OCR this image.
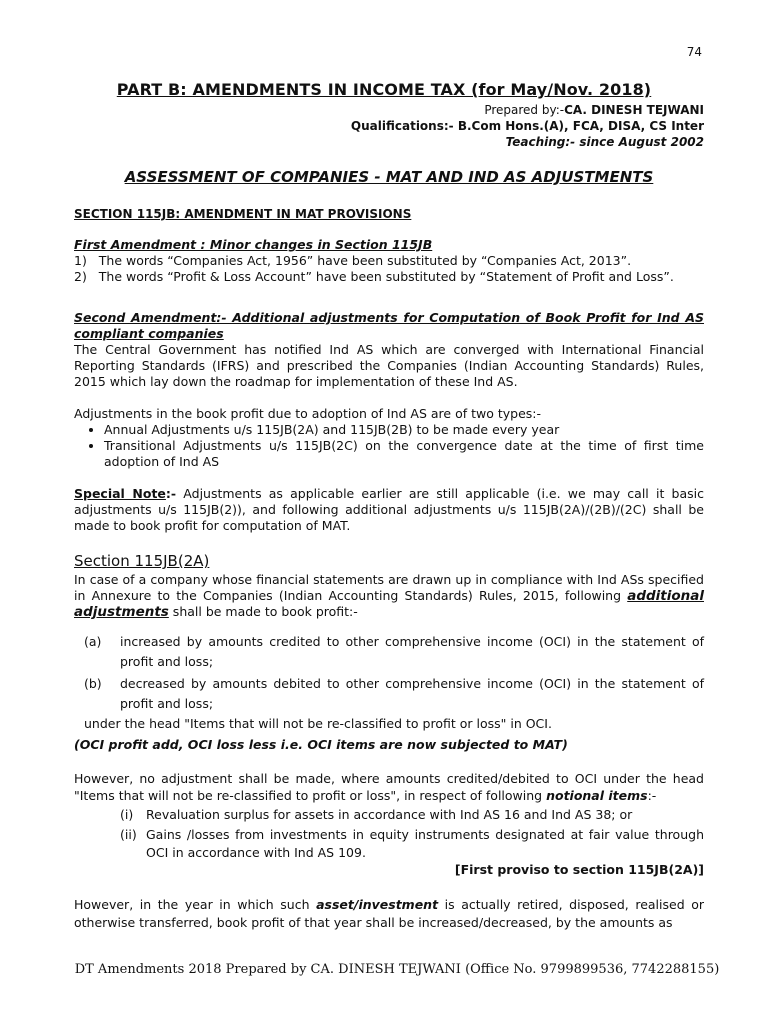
74
PART B: AMENDMENTS IN INCOME TAX (for May/Nov. 2018)
Prepared by:-CA. DINESH TEJWANI
Qualifications:- B.Com Hons.(A), FCA, DISA, CS Inter
Teaching:- since August 2002
ASSESSMENT OF COMPANIES - MAT AND IND AS ADJUSTMENTS
SECTION 115JB: AMENDMENT IN MAT PROVISIONS
First Amendment : Minor changes in Section 115JB
1) The words “Companies Act, 1956” have been substituted by “Companies Act, 2013”.
2) The words “Profit & Loss Account” have been substituted by “Statement of Profit and Loss”.
Second Amendment:- Additional adjustments for Computation of Book Profit for Ind AS compliant companies
The Central Government has notified Ind AS which are converged with International Financial Reporting Standards (IFRS) and prescribed the Companies (Indian Accounting Standards) Rules, 2015 which lay down the roadmap for implementation of these Ind AS.
Adjustments in the book profit due to adoption of Ind AS are of two types:-
• Annual Adjustments u/s 115JB(2A) and 115JB(2B) to be made every year
• Transitional Adjustments u/s 115JB(2C) on the convergence date at the time of first time adoption of Ind AS
Special Note:- Adjustments as applicable earlier are still applicable (i.e. we may call it basic adjustments u/s 115JB(2)), and following additional adjustments u/s 115JB(2A)/(2B)/(2C) shall be made to book profit for computation of MAT.
Section 115JB(2A)
In case of a company whose financial statements are drawn up in compliance with Ind ASs specified in Annexure to the Companies (Indian Accounting Standards) Rules, 2015, following additional adjustments shall be made to book profit:-
(a) increased by amounts credited to other comprehensive income (OCI) in the statement of profit and loss;
(b) decreased by amounts debited to other comprehensive income (OCI) in the statement of profit and loss;
under the head "Items that will not be re-classified to profit or loss" in OCI.
(OCI profit add, OCI loss less i.e. OCI items are now subjected to MAT)
However, no adjustment shall be made, where amounts credited/debited to OCI under the head "Items that will not be re-classified to profit or loss", in respect of following notional items:-
(i) Revaluation surplus for assets in accordance with Ind AS 16 and Ind AS 38; or
(ii) Gains /losses from investments in equity instruments designated at fair value through OCI in accordance with Ind AS 109.
[First proviso to section 115JB(2A)]
However, in the year in which such asset/investment is actually retired, disposed, realised or otherwise transferred, book profit of that year shall be increased/decreased, by the amounts as
DT Amendments 2018 Prepared by CA. DINESH TEJWANI (Office No. 9799899536, 7742288155)
